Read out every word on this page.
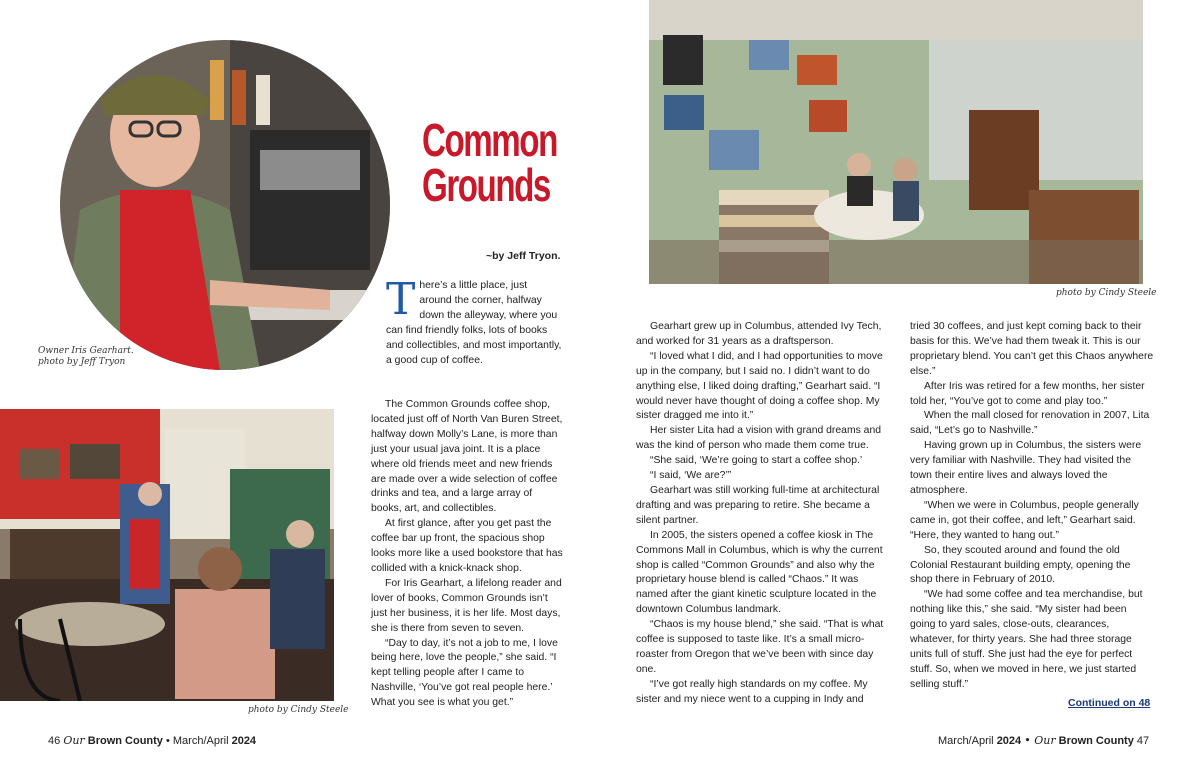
Owner Iris Gearhart.
photo by Jeff Tryon
photo by Cindy Steele
Common
Grounds
~by Jeff Tryon.
T here’s a little place, just around the corner, halfway down the alleyway, where you can find friendly folks, lots of books and collectibles, and most importantly, a good cup of coffee.

The Common Grounds coffee shop, located just off of North Van Buren Street, halfway down Molly’s Lane, is more than just your usual java joint. It is a place where old friends meet and new friends are made over a wide selection of coffee drinks and tea, and a large array of books, art, and collectibles.

At first glance, after you get past the coffee bar up front, the spacious shop looks more like a used bookstore that has collided with a knick-knack shop.

For Iris Gearhart, a lifelong reader and lover of books, Common Grounds isn’t just her business, it is her life. Most days, she is there from seven to seven.

“Day to day, it’s not a job to me, I love being here, love the people,” she said. “I kept telling people after I came to Nashville, ‘You’ve got real people here.’ What you see is what you get.”

46 Our Brown County • March/April 2024
photo by Cindy Steele

Gearhart grew up in Columbus, attended Ivy Tech, and worked for 31 years as a draftsperson.

“I loved what I did, and I had opportunities to move up in the company, but I said no. I didn’t want to do anything else, I liked doing drafting,” Gearhart said. “I would never have thought of doing a coffee shop. My sister dragged me into it.”

Her sister Lita had a vision with grand dreams and was the kind of person who made them come true.

“She said, ‘We’re going to start a coffee shop.’

“I said, ‘We are?’”

Gearhart was still working full-time at architectural drafting and was preparing to retire. She became a silent partner.

In 2005, the sisters opened a coffee kiosk in The Commons Mall in Columbus, which is why the current shop is called “Common Grounds” and also why the proprietary house blend is called “Chaos.” It was named after the giant kinetic sculpture located in the downtown Columbus landmark.

“Chaos is my house blend,” she said. “That is what coffee is supposed to taste like. It’s a small micro-roaster from Oregon that we’ve been with since day one.

“I’ve got really high standards on my coffee. My sister and my niece went to a cupping in Indy and

tried 30 coffees, and just kept coming back to their basis for this. We’ve had them tweak it. This is our proprietary blend. You can’t get this Chaos anywhere else.”

After Iris was retired for a few months, her sister told her, “You’ve got to come and play too.”

When the mall closed for renovation in 2007, Lita said, “Let’s go to Nashville.”

Having grown up in Columbus, the sisters were very familiar with Nashville. They had visited the town their entire lives and always loved the atmosphere.

“When we were in Columbus, people generally came in, got their coffee, and left,” Gearhart said. “Here, they wanted to hang out.”

So, they scouted around and found the old Colonial Restaurant building empty, opening the shop there in February of 2010.

“We had some coffee and tea merchandise, but nothing like this,” she said. “My sister had been going to yard sales, close-outs, clearances, whatever, for thirty years. She had three storage units full of stuff. She just had the eye for perfect stuff. So, when we moved in here, we just started selling stuff.”

Continued on 48
March/April 2024 • Our Brown County 47
